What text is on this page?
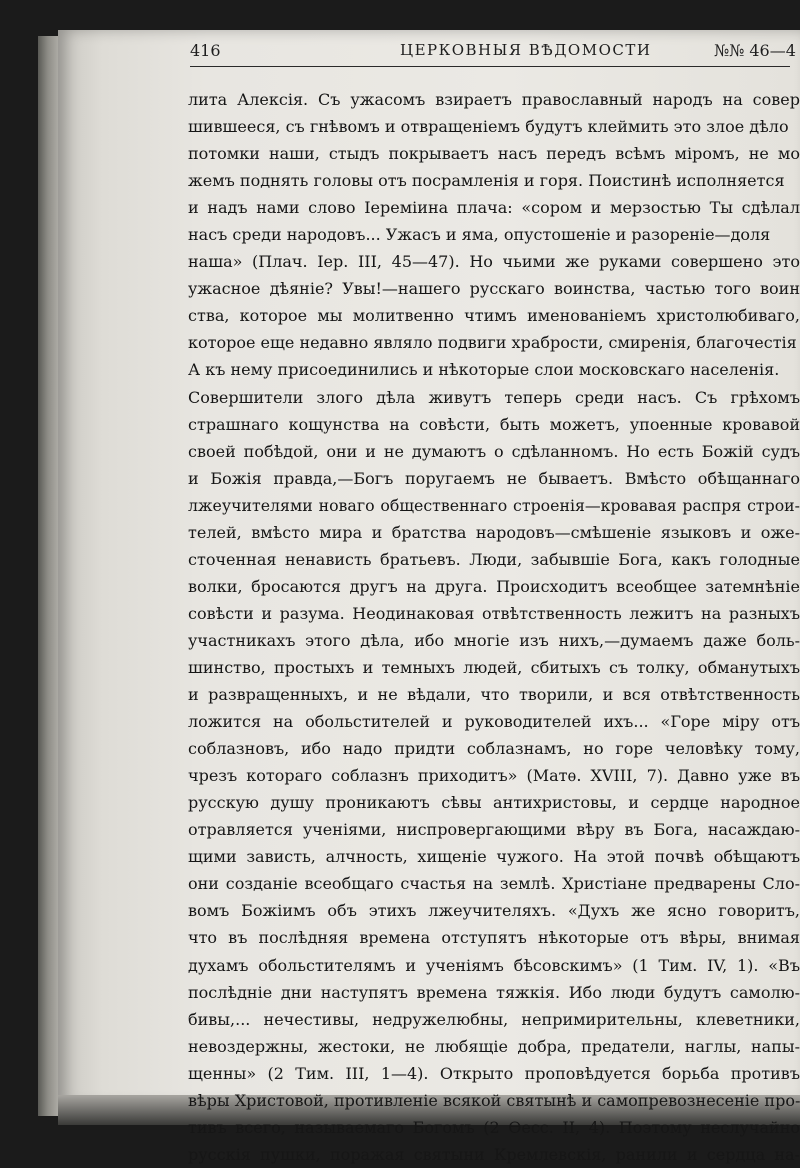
416	ЦЕРКОВНЫЯ ВѢДОМОСТИ	№№ 46—4
лита Алексія. Съ ужасомъ взираетъ православный народъ на совер
шившееся, съ гнѣвомъ и отвращеніемъ будутъ клеймить это злое дѣло
потомки наши, стыдъ покрываетъ насъ передъ всѣмъ міромъ, не мо
жемъ поднять головы отъ посрамленія и горя. Поистинѣ исполняется
и надъ нами слово Іереміина плача: «сором и мерзостью Ты сдѣлал
насъ среди народовъ... Ужасъ и яма, опустошеніе и разореніе—доля
наша» (Плач. Іер. III, 45—47). Но чьими же руками совершено это
ужасное дѣяніе? Увы!—нашего русскаго воинства, частью того воин
ства, которое мы молитвенно чтимъ именованіемъ христолюбиваго,
которое еще недавно являло подвиги храбрости, смиренія, благочестія
А къ нему присоединились и нѣкоторые слои московскаго населенія.
Совершители злого дѣла живутъ теперь среди насъ. Съ грѣхомъ
страшнаго кощунства на совѣсти, быть можетъ, упоенные кровавой
своей побѣдой, они и не думаютъ о сдѣланномъ. Но есть Божій судъ
и Божія правда,—Богъ поругаемъ не бываетъ. Вмѣсто обѣщаннаго
лжеучителями новаго общественнаго строенія—кровавая распря строи-
телей, вмѣсто мира и братства народовъ—смѣшеніе языковъ и оже-
сточенная ненависть братьевъ. Люди, забывшіе Бога, какъ голодные
волки, бросаются другъ на друга. Происходитъ всеобщее затемнѣніе
совѣсти и разума. Неодинаковая отвѣтственность лежитъ на разныхъ
участникахъ этого дѣла, ибо многіе изъ нихъ,—думаемъ даже боль-
шинство, простыхъ и темныхъ людей, сбитыхъ съ толку, обманутыхъ
и развращенныхъ, и не вѣдали, что творили, и вся отвѣтственность
ложится на обольстителей и руководителей ихъ... «Горе міру отъ
соблазновъ, ибо надо придти соблазнамъ, но горе человѣку тому,
чрезъ котораго соблазнъ приходитъ» (Матѳ. XVIII, 7). Давно уже въ
русскую душу проникаютъ сѣвы антихристовы, и сердце народное
отравляется ученіями, ниспровергающими вѣру въ Бога, насаждаю-
щими зависть, алчность, хищеніе чужого. На этой почвѣ обѣщаютъ
они созданіе всеобщаго счастья на землѣ. Христіане предварены Сло-
вомъ Божіимъ объ этихъ лжеучителяхъ. «Духъ же ясно говоритъ,
что въ послѣдняя времена отступятъ нѣкоторые отъ вѣры, внимая
духамъ обольстителямъ и ученіямъ бѣсовскимъ» (1 Тим. IV, 1). «Въ
послѣдніе дни наступятъ времена тяжкія. Ибо люди будутъ самолю-
бивы,... нечестивы, недружелюбны, непримирительны, клеветники,
невоздержны, жестоки, не любящіе добра, предатели, наглы, напы-
щенны» (2 Тим. III, 1—4). Открыто проповѣдуется борьба противъ
вѣры Христовой, противленіе всякой святынѣ и самопревознесеніе про-
тивъ всего, называемаго Богомъ (2 Ѳесс. II, 4). Поэтому неслучайно
русскія пушки, поражая святыни Кремлевскія, ранили и сердца на-
